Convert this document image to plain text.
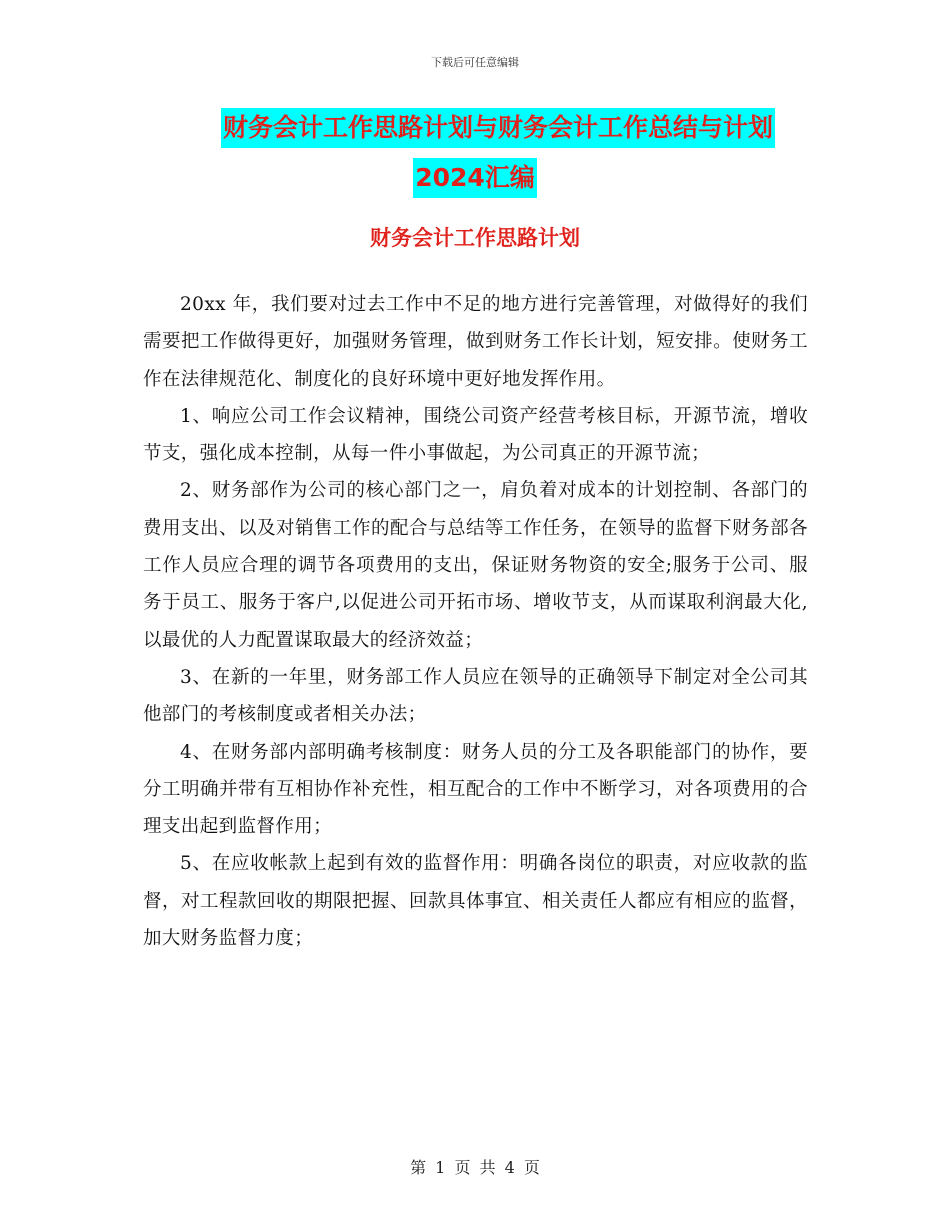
下载后可任意编辑
财务会计工作思路计划与财务会计工作总结与计划
2024汇编
财务会计工作思路计划

20xx 年，我们要对过去工作中不足的地方进行完善管理，对做得好的我们需要把工作做得更好，加强财务管理，做到财务工作长计划，短安排。使财务工作在法律规范化、制度化的良好环境中更好地发挥作用。

1、响应公司工作会议精神，围绕公司资产经营考核目标，开源节流，增收节支，强化成本控制，从每一件小事做起，为公司真正的开源节流；

2、财务部作为公司的核心部门之一，肩负着对成本的计划控制、各部门的费用支出、以及对销售工作的配合与总结等工作任务，在领导的监督下财务部各工作人员应合理的调节各项费用的支出，保证财务物资的安全;服务于公司、服务于员工、服务于客户,以促进公司开拓市场、增收节支，从而谋取利润最大化,以最优的人力配置谋取最大的经济效益；

3、在新的一年里，财务部工作人员应在领导的正确领导下制定对全公司其他部门的考核制度或者相关办法；

4、在财务部内部明确考核制度：财务人员的分工及各职能部门的协作，要分工明确并带有互相协作补充性，相互配合的工作中不断学习，对各项费用的合理支出起到监督作用；

5、在应收帐款上起到有效的监督作用：明确各岗位的职责，对应收款的监督，对工程款回收的期限把握、回款具体事宜、相关责任人都应有相应的监督，加大财务监督力度；

第 1 页 共 4 页
